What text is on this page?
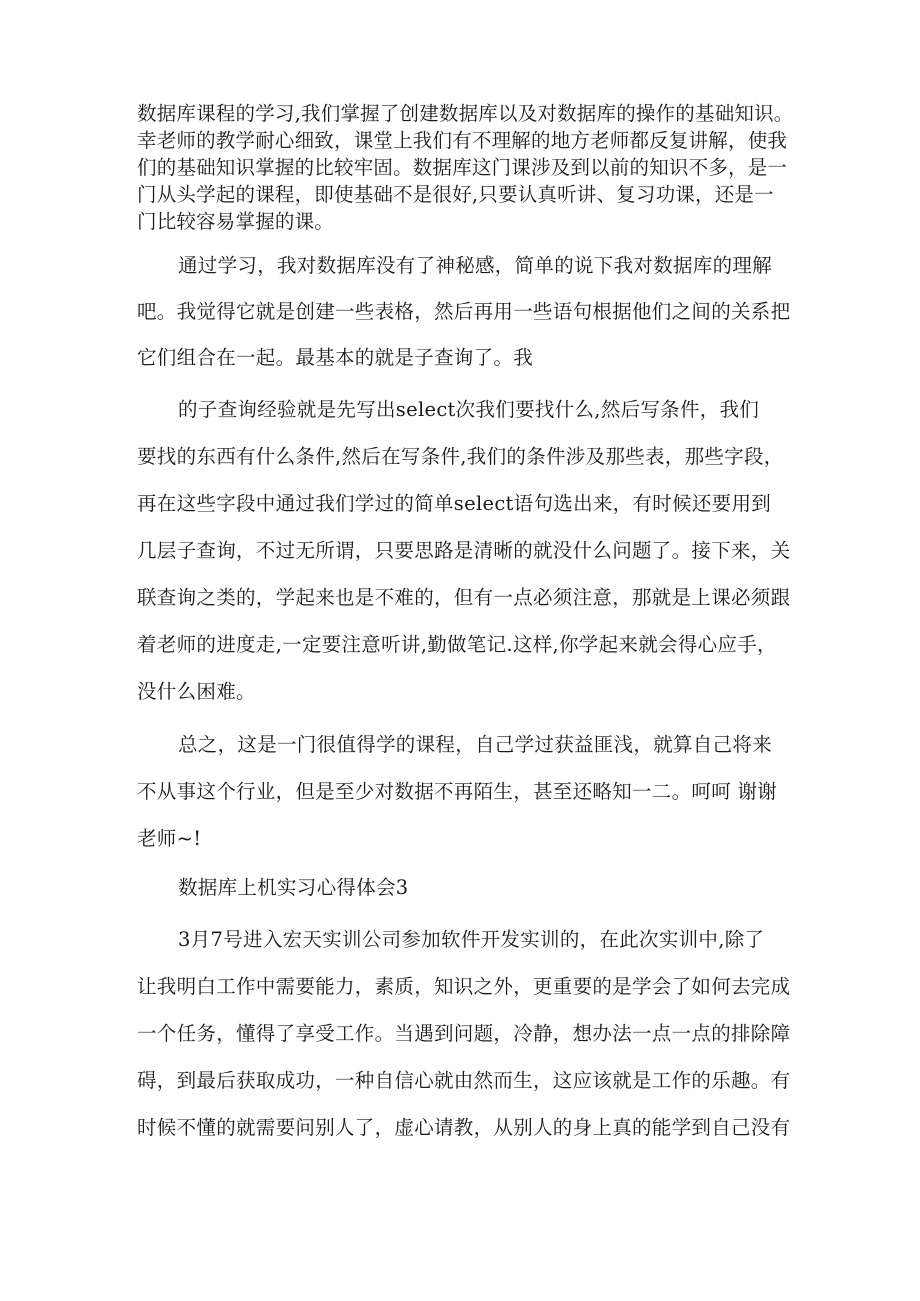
数据库课程的学习,我们掌握了创建数据库以及对数据库的操作的基础知识。
幸老师的教学耐心细致，课堂上我们有不理解的地方老师都反复讲解，使我
们的基础知识掌握的比较牢固。数据库这门课涉及到以前的知识不多，是一
门从头学起的课程，即使基础不是很好,只要认真听讲、复习功课，还是一
门比较容易掌握的课。
通过学习，我对数据库没有了神秘感，简单的说下我对数据库的理解
吧。我觉得它就是创建一些表格，然后再用一些语句根据他们之间的关系把
它们组合在一起。最基本的就是子查询了。我
的子查询经验就是先写出select次我们要找什么,然后写条件，我们
要找的东西有什么条件,然后在写条件,我们的条件涉及那些表，那些字段，
再在这些字段中通过我们学过的简单select语句选出来，有时候还要用到
几层子查询，不过无所谓，只要思路是清晰的就没什么问题了。接下来，关
联查询之类的，学起来也是不难的，但有一点必须注意，那就是上课必须跟
着老师的进度走,一定要注意听讲,勤做笔记.这样,你学起来就会得心应手，
没什么困难。
总之，这是一门很值得学的课程，自己学过获益匪浅，就算自己将来
不从事这个行业，但是至少对数据不再陌生，甚至还略知一二。呵呵 谢谢
老师~!
数据库上机实习心得体会3
3月7号进入宏天实训公司参加软件开发实训的，在此次实训中,除了
让我明白工作中需要能力，素质，知识之外，更重要的是学会了如何去完成
一个任务，懂得了享受工作。当遇到问题，冷静，想办法一点一点的排除障
碍，到最后获取成功，一种自信心就由然而生，这应该就是工作的乐趣。有
时候不懂的就需要问别人了，虚心请教，从别人的身上真的能学到自己没有
